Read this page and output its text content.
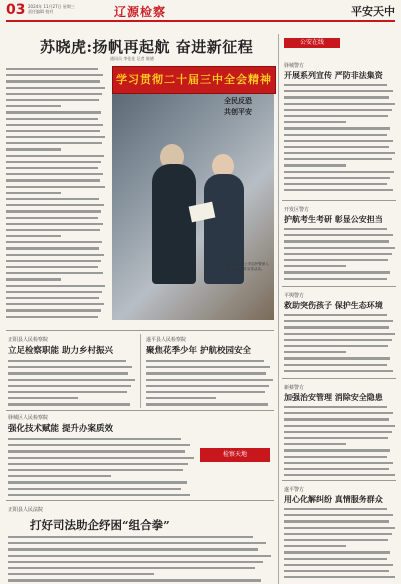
03 2024年 11月27日 星期三
责任编辑 校对	辽源检察	平安天中
苏晓虎:扬帆再起航 奋进新征程
通讯员 李佳佳 记者 陈德
学习贯彻二十届三中全会精神
全民反恐
共创平安
9月11日,县公安局民警深入辖区开展反诈宣传活动。
公安在线
驿城警方
开展系列宣传 严防非法集资
开发区警方
护航考生考研 彰显公安担当
平舆警方
救助突伤孩子 保护生态环境
新蔡警方
加强治安管理 消除安全隐患
遂平警方
用心化解纠纷 真情服务群众
正阳县人民检察院
立足检察职能 助力乡村振兴
遂平县人民检察院
聚焦花季少年 护航校园安全
驿城区人民检察院
强化技术赋能 提升办案质效
检察天地
正阳县人民法院
打好司法助企纾困“组合拳”
